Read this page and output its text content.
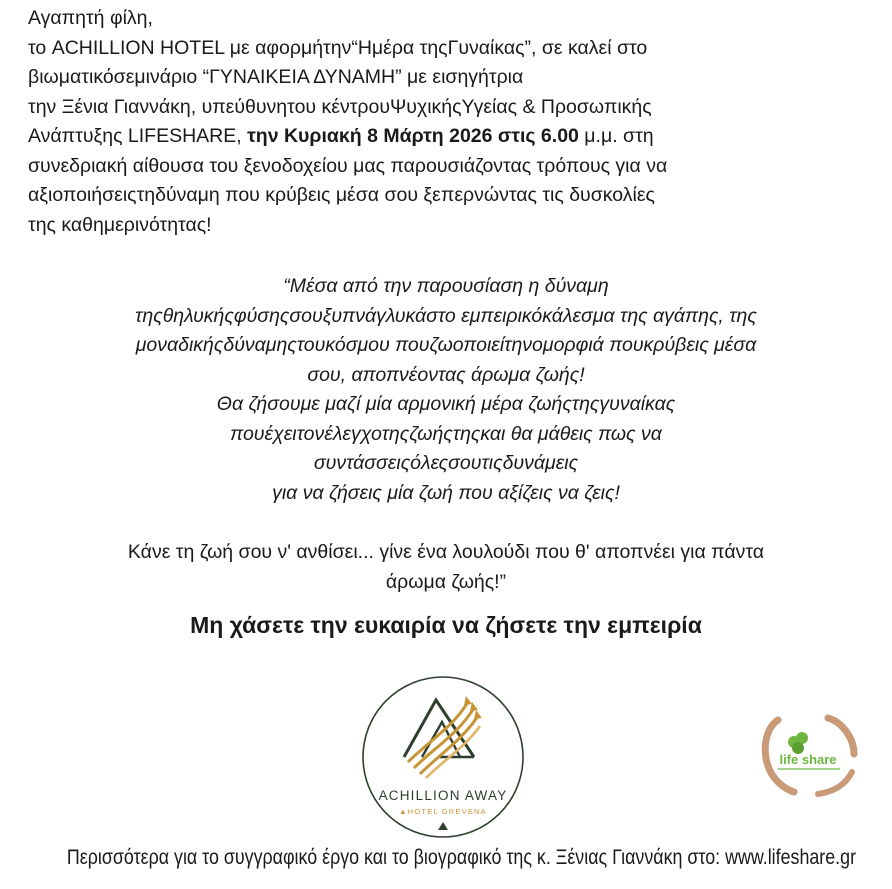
Αγαπητή φίλη,
το ACHILLION HOTEL με αφορμήτην“Ημέρα τηςΓυναίκας”, σε καλεί στο
βιωματικόσεμινάριο “ΓΥΝΑΙΚΕΙΑ ΔΥΝΑΜΗ” με εισηγήτρια
την Ξένια Γιαννάκη, υπεύθυνητου κέντρουΨυχικήςΥγείας & Προσωπικής
Ανάπτυξης LIFESHARE, την Κυριακή 8 Μάρτη 2026 στις 6.00 μ.μ. στη
συνεδριακή αίθουσα του ξενοδοχείου μας παρουσιάζοντας τρόπους για να
αξιοποιήσειςτηδύναμη που κρύβεις μέσα σου ξεπερνώντας τις δυσκολίες
της καθημερινότητας!
“Μέσα από την παρουσίαση η δύναμη
τηςθηλυκήςφύσηςσουξυπνάγλυκάστο εμπειρικόκάλεσμα της αγάπης, της
μοναδικήςδύναμηςτουκόσμου πουζωοποιείτηνομορφιά πουκρύβεις μέσα
σου, αποπνέοντας άρωμα ζωής!
Θα ζήσουμε μαζί μία αρμονική μέρα ζωήςτηςγυναίκας
πουέχειτονέλεγχοτηςζωήςτηςκαι θα μάθεις πως να
συντάσσειςόλεςσουτιςδυνάμεις
για να ζήσεις μία ζωή που αξίζεις να ζεις!
Κάνε τη ζωή σου ν' ανθίσει... γίνε ένα λουλούδι που θ' αποπνέει για πάντα
άρωμα ζωής!”
Μη χάσετε την ευκαιρία να ζήσετε την εμπειρία
ACHILLION AWAY
▲HOTEL GREVENA
life share
Περισσότερα για το συγγραφικό έργο και το βιογραφικό της κ. Ξένιας Γιαννάκη στο: www.lifeshare.gr
